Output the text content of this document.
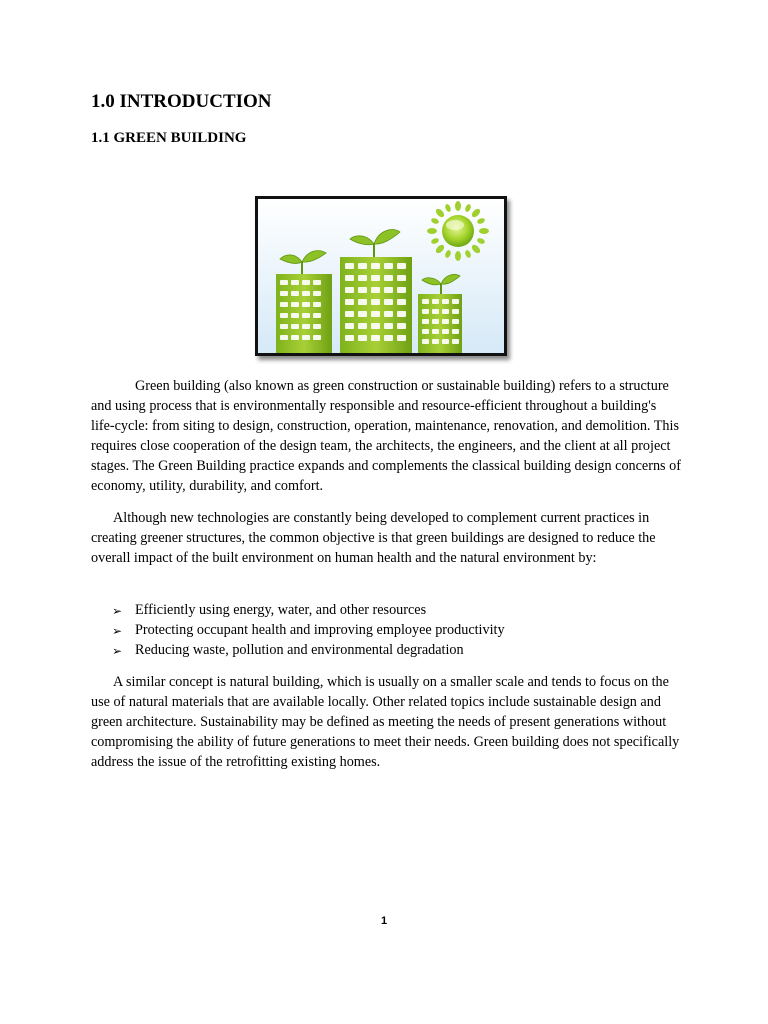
1.0 INTRODUCTION
1.1 GREEN BUILDING

Green building (also known as green construction or sustainable building) refers to a structure and using process that is environmentally responsible and resource-efficient throughout a building's life-cycle: from siting to design, construction, operation, maintenance, renovation, and demolition. This requires close cooperation of the design team, the architects, the engineers, and the client at all project stages. The Green Building practice expands and complements the classical building design concerns of economy, utility, durability, and comfort.

Although new technologies are constantly being developed to complement current practices in creating greener structures, the common objective is that green buildings are designed to reduce the overall impact of the built environment on human health and the natural environment by:

➢ Efficiently using energy, water, and other resources
➢ Protecting occupant health and improving employee productivity
➢ Reducing waste, pollution and environmental degradation

A similar concept is natural building, which is usually on a smaller scale and tends to focus on the use of natural materials that are available locally. Other related topics include sustainable design and green architecture. Sustainability may be defined as meeting the needs of present generations without compromising the ability of future generations to meet their needs. Green building does not specifically address the issue of the retrofitting existing homes.

1
